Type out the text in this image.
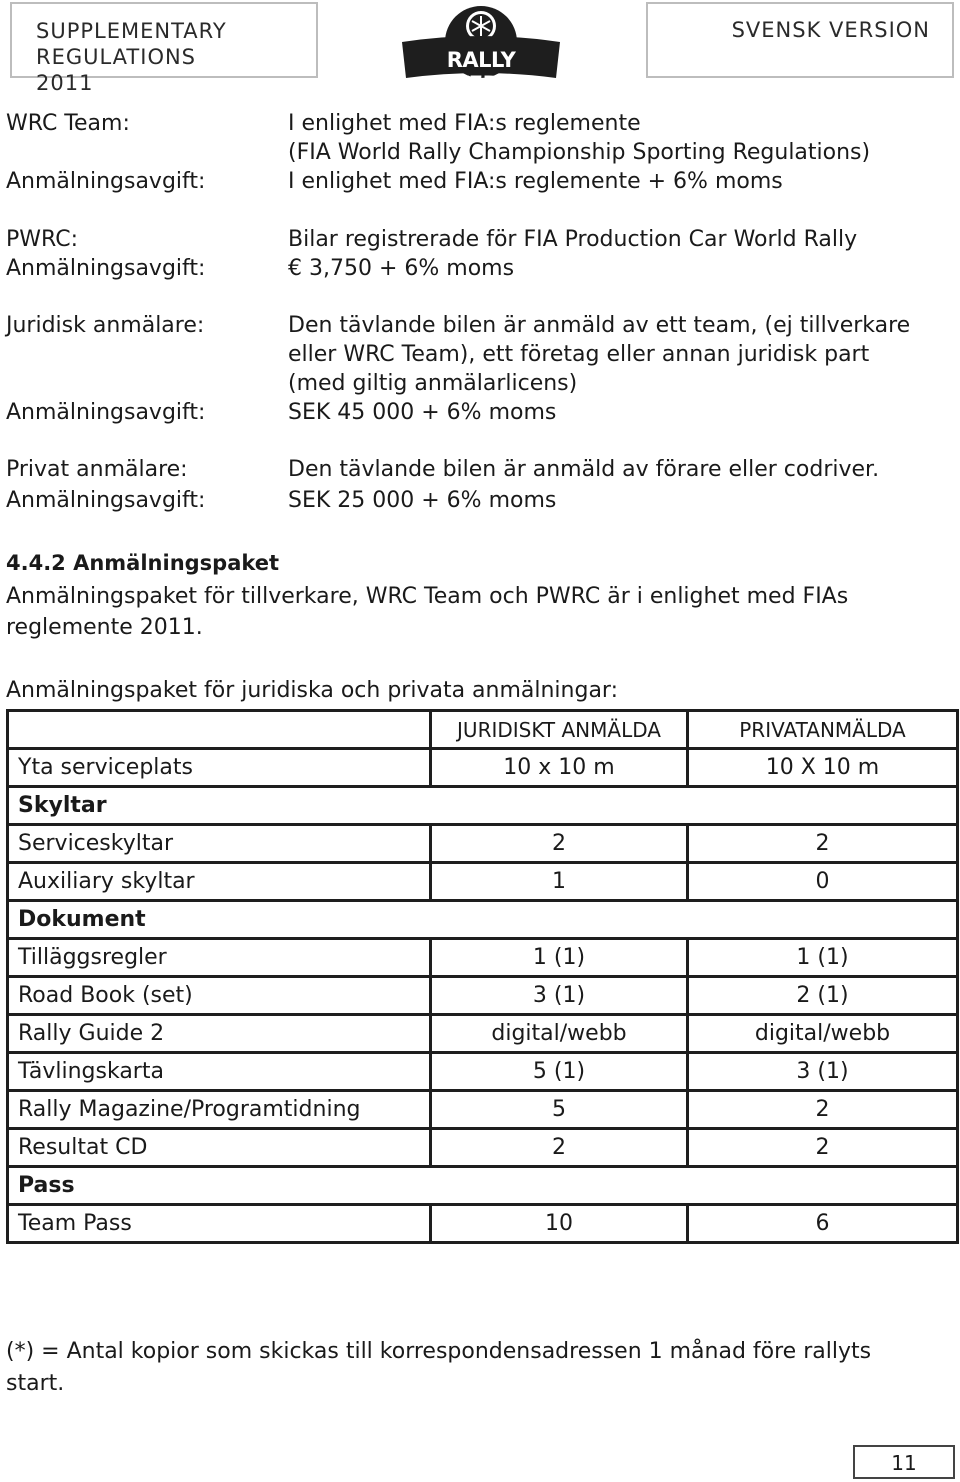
SUPPLEMENTARY REGULATIONS
2011
RALLY SWEDEN
SVENSK VERSION
WRC Team:	I enlighet med FIA:s reglemente
(FIA World Rally Championship Sporting Regulations)
Anmälningsavgift:	I enlighet med FIA:s reglemente + 6% moms
PWRC:	Bilar registrerade för FIA Production Car World Rally
Anmälningsavgift:	€ 3,750 + 6% moms
Juridisk anmälare:	Den tävlande bilen är anmäld av ett team, (ej tillverkare
eller WRC Team), ett företag eller annan juridisk part
(med giltig anmälarlicens)
Anmälningsavgift:	SEK 45 000 + 6% moms
Privat anmälare:	Den tävlande bilen är anmäld av förare eller codriver.
Anmälningsavgift:	SEK 25 000 + 6% moms
4.4.2 Anmälningspaket
Anmälningspaket för tillverkare, WRC Team och PWRC är i enlighet med FIAs reglemente 2011.
Anmälningspaket för juridiska och privata anmälningar:
	JURIDISKT ANMÄLDA	PRIVATANMÄLDA
Yta serviceplats	10 x 10 m	10 X 10 m
Skyltar		
Serviceskyltar	2	2
Auxiliary skyltar	1	0
Dokument		
Tilläggsregler	1 (1)	1 (1)
Road Book (set)	3 (1)	2 (1)
Rally Guide 2	digital/webb	digital/webb
Tävlingskarta	5 (1)	3 (1)
Rally Magazine/Programtidning	5	2
Resultat CD	2	2
Pass		
Team Pass	10	6
(*) = Antal kopior som skickas till korrespondensadressen 1 månad före rallyts start.
11
